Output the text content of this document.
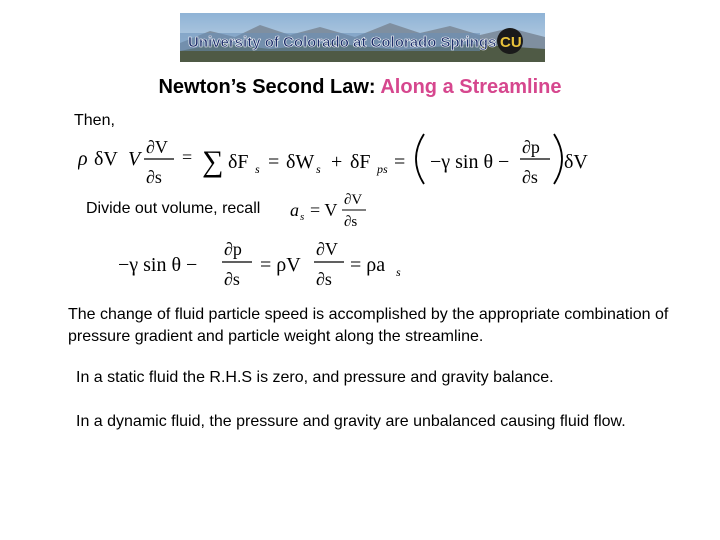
University of Colorado at Colorado Springs CU
Newton’s Second Law: Along a Streamline
Then,
ρ δV V
∂V
∂s
= ∑ δF s = δW s + δF ps = −γ sin θ −
∂p
∂s
δV
Divide out volume, recall a s = V ∂V
∂s
−γ sin θ −
∂p
∂s
= ρV
∂V
∂s
= ρa s
The change of fluid particle speed is accomplished by the appropriate combination of pressure gradient and particle weight along the streamline.
In a static fluid the R.H.S is zero, and pressure and gravity balance.
In a dynamic fluid, the pressure and gravity are unbalanced causing fluid flow.
